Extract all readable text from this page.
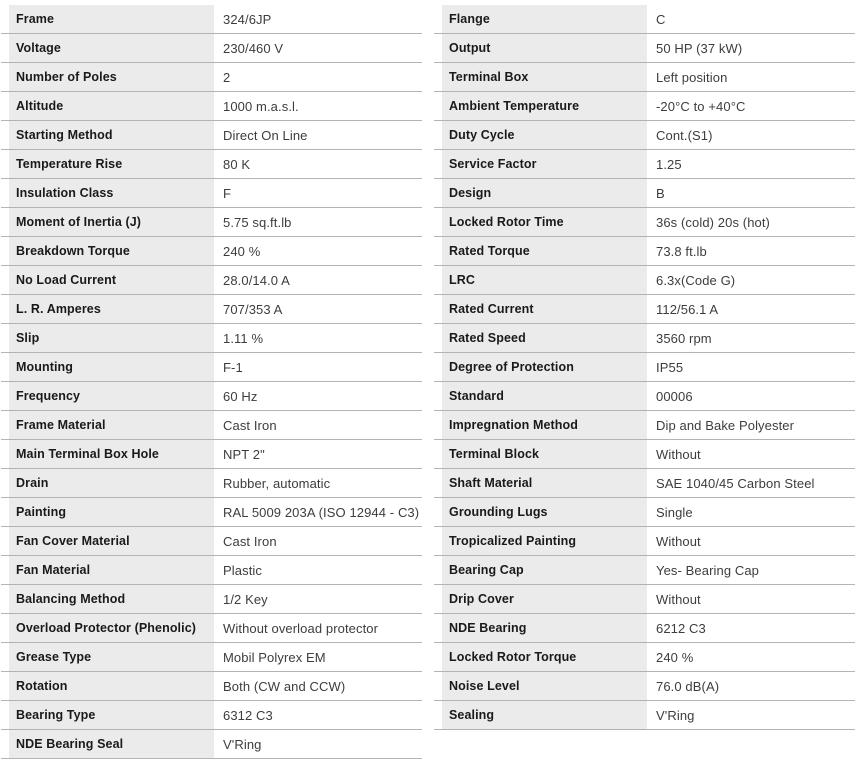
Frame	324/6JP
Voltage	230/460 V
Number of Poles	2
Altitude	1000 m.a.s.l.
Starting Method	Direct On Line
Temperature Rise	80 K
Insulation Class	F
Moment of Inertia (J)	5.75 sq.ft.lb
Breakdown Torque	240 %
No Load Current	28.0/14.0 A
L. R. Amperes	707/353 A
Slip	1.11 %
Mounting	F-1
Frequency	60 Hz
Frame Material	Cast Iron
Main Terminal Box Hole	NPT 2"
Drain	Rubber, automatic
Painting	RAL 5009 203A (ISO 12944 - C3)
Fan Cover Material	Cast Iron
Fan Material	Plastic
Balancing Method	1/2 Key
Overload Protector (Phenolic)	Without overload protector
Grease Type	Mobil Polyrex EM
Rotation	Both (CW and CCW)
Bearing Type	6312 C3
NDE Bearing Seal	V'Ring
Flange	C
Output	50 HP (37 kW)
Terminal Box	Left position
Ambient Temperature	-20°C to +40°C
Duty Cycle	Cont.(S1)
Service Factor	1.25
Design	B
Locked Rotor Time	36s (cold) 20s (hot)
Rated Torque	73.8 ft.lb
LRC	6.3x(Code G)
Rated Current	112/56.1 A
Rated Speed	3560 rpm
Degree of Protection	IP55
Standard	00006
Impregnation Method	Dip and Bake Polyester
Terminal Block	Without
Shaft Material	SAE 1040/45 Carbon Steel
Grounding Lugs	Single
Tropicalized Painting	Without
Bearing Cap	Yes- Bearing Cap
Drip Cover	Without
NDE Bearing	6212 C3
Locked Rotor Torque	240 %
Noise Level	76.0 dB(A)
Sealing	V'Ring
